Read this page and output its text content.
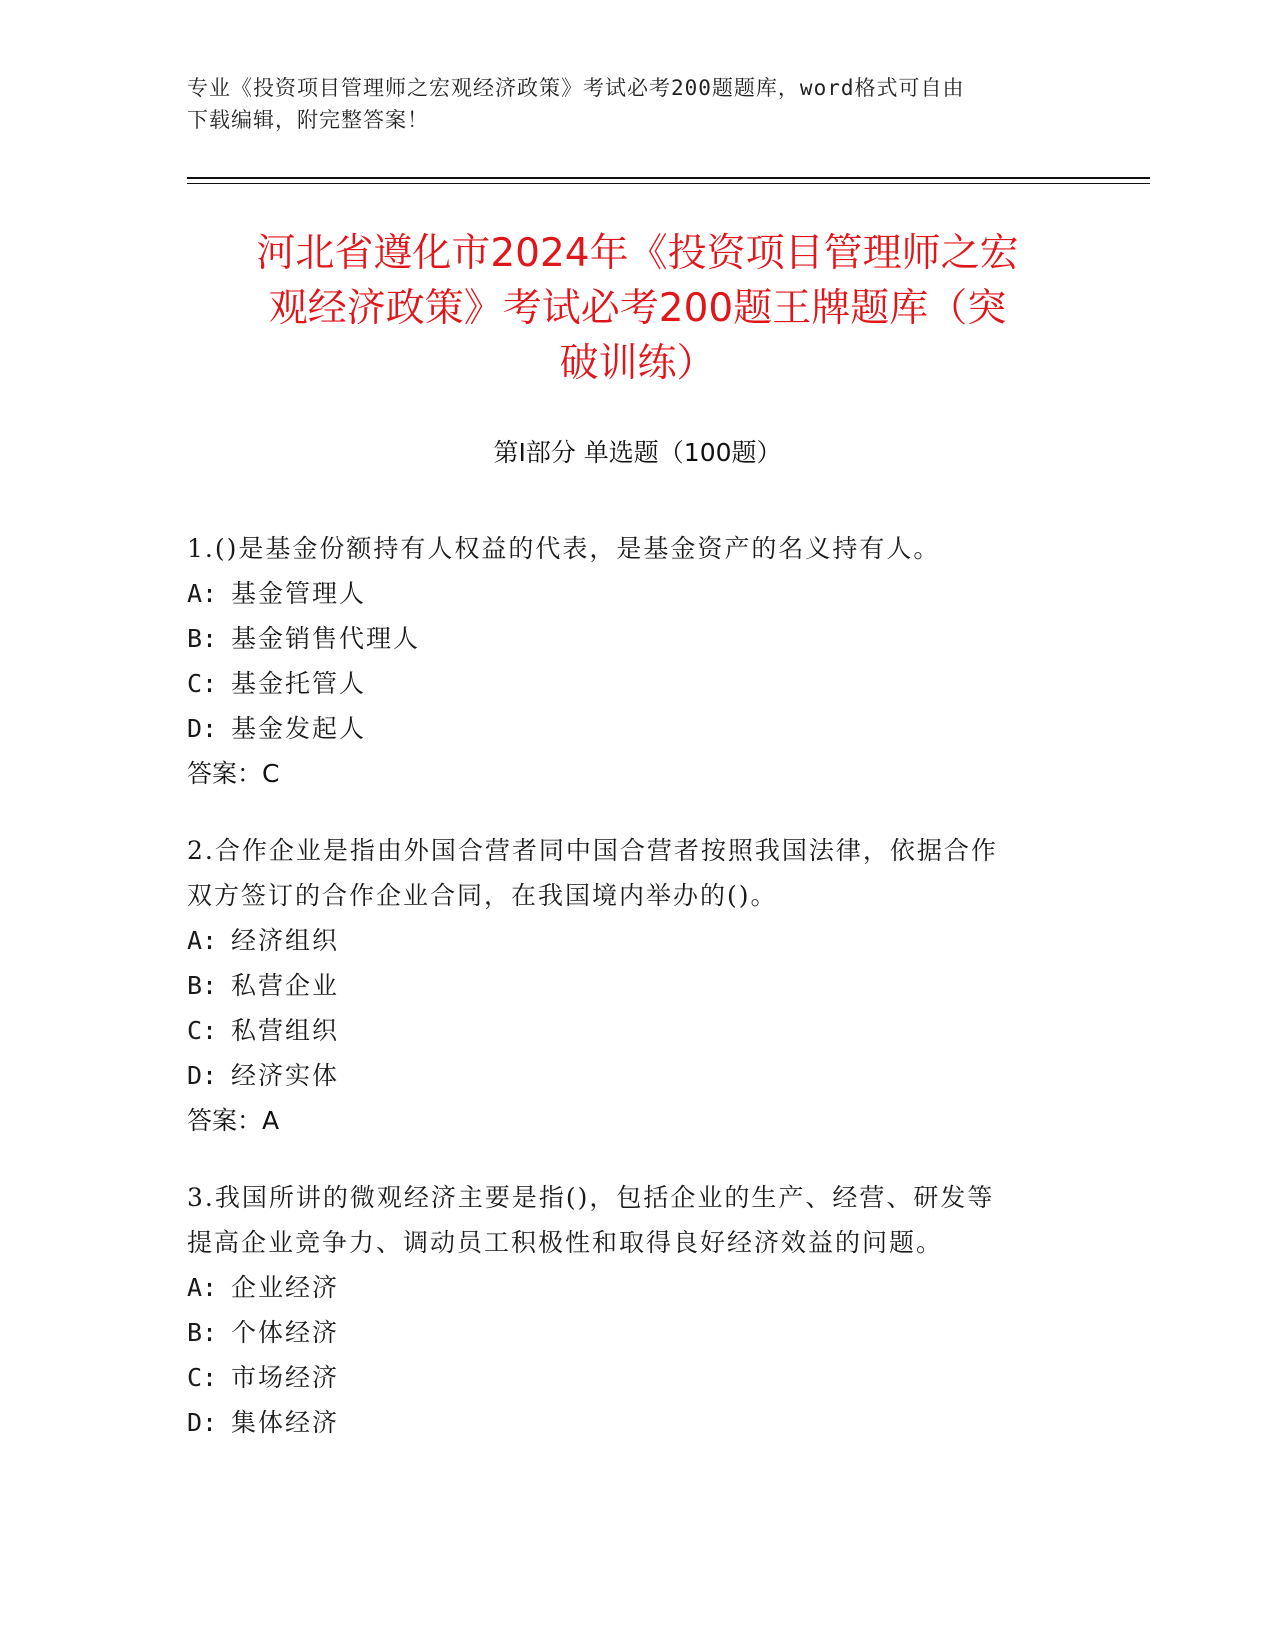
专业《投资项目管理师之宏观经济政策》考试必考200题题库，word格式可自由
下载编辑，附完整答案！
河北省遵化市2024年《投资项目管理师之宏
观经济政策》考试必考200题王牌题库（突
破训练）
第I部分 单选题（100题）

1.()是基金份额持有人权益的代表，是基金资产的名义持有人。

A: 基金管理人

B: 基金销售代理人

C: 基金托管人

D: 基金发起人

答案：C

2.合作企业是指由外国合营者同中国合营者按照我国法律，依据合作

双方签订的合作企业合同，在我国境内举办的()。

A: 经济组织

B: 私营企业

C: 私营组织

D: 经济实体

答案：A

3.我国所讲的微观经济主要是指()，包括企业的生产、经营、研发等

提高企业竞争力、调动员工积极性和取得良好经济效益的问题。

A: 企业经济

B: 个体经济

C: 市场经济

D: 集体经济
